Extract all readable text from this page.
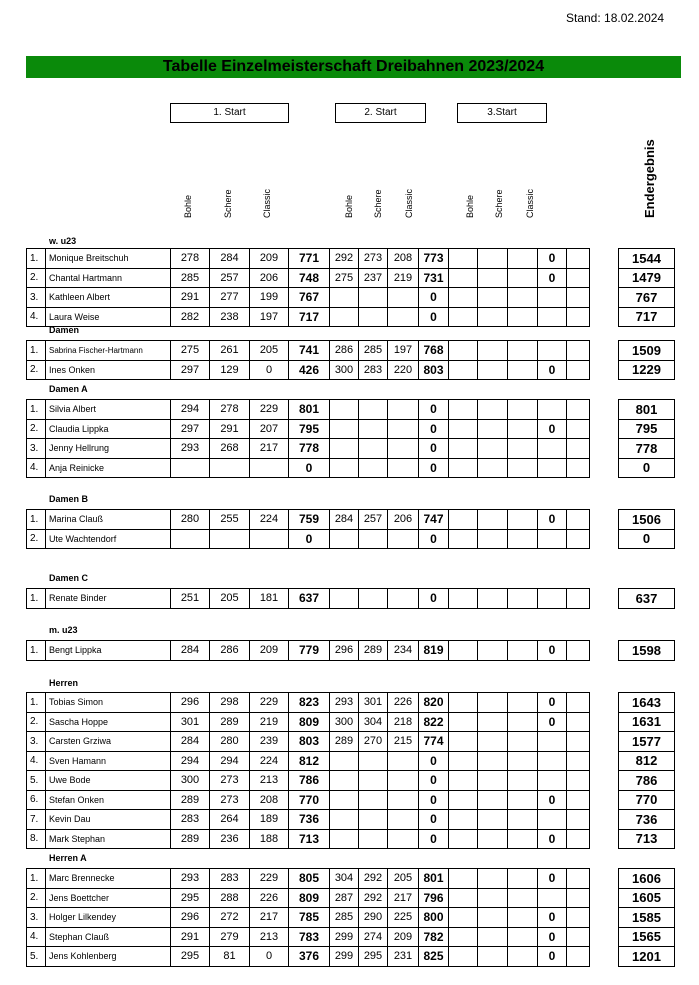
Stand: 18.02.2024
Tabelle Einzelmeisterschaft Dreibahnen 2023/2024
1. Start	2. Start	3.Start
Bohle	Schere	Classic	Bohle Schere Classic	Bohle Schere Classic	Endergebnis
w. u23
1.	Monique Breitschuh	278	284	209	771	292	273	208	773				0			1544
2.	Chantal Hartmann	285	257	206	748	275	237	219	731				0			1479
3.	Kathleen Albert	291	277	199	767				0							767
4.	Laura Weise	282	238	197	717				0							717
Damen
1.	Sabrina Fischer-Hartmann	275	261	205	741	286	285	197	768							1509
2.	Ines Onken	297	129	0	426	300	283	220	803				0			1229
Damen A
1.	Silvia Albert	294	278	229	801				0							801
2.	Claudia Lippka	297	291	207	795				0				0			795
3.	Jenny Hellrung	293	268	217	778				0							778
4.	Anja Reinicke				0				0							0
Damen B
1.	Marina Clauß	280	255	224	759	284	257	206	747				0			1506
2.	Ute Wachtendorf				0				0							0
Damen C
1.	Renate Binder	251	205	181	637				0							637
m. u23
1.	Bengt Lippka	284	286	209	779	296	289	234	819				0			1598
Herren
1.	Tobias Simon	296	298	229	823	293	301	226	820				0			1643
2.	Sascha Hoppe	301	289	219	809	300	304	218	822				0			1631
3.	Carsten Grziwa	284	280	239	803	289	270	215	774							1577
4.	Sven Hamann	294	294	224	812				0							812
5.	Uwe Bode	300	273	213	786				0							786
6.	Stefan Onken	289	273	208	770				0				0			770
7.	Kevin Dau	283	264	189	736				0							736
8.	Mark Stephan	289	236	188	713				0				0			713
Herren A
1.	Marc Brennecke	293	283	229	805	304	292	205	801				0			1606
2.	Jens Boettcher	295	288	226	809	287	292	217	796							1605
3.	Holger Lilkendey	296	272	217	785	285	290	225	800				0			1585
4.	Stephan Clauß	291	279	213	783	299	274	209	782				0			1565
5.	Jens Kohlenberg	295	81	0	376	299	295	231	825				0			1201
